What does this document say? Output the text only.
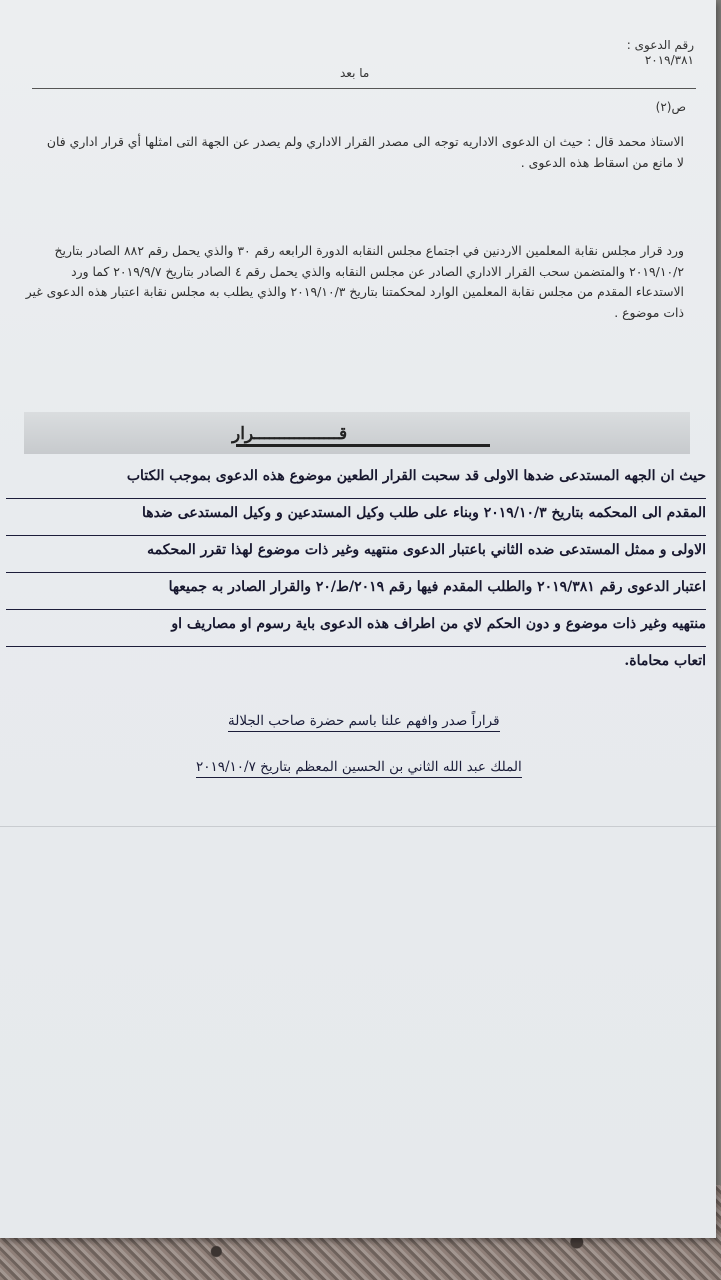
رقم الدعوى :
٢٠١٩/٣٨١
ما بعد
ص(٢)
الاستاذ محمد قال : حيث ان الدعوى الاداريه توجه الى مصدر القرار الاداري ولم يصدر عن الجهة التى امثلها أي قرار اداري فان لا مانع من اسقاط هذه الدعوى .
ورد قرار مجلس نقابة المعلمين الاردنين في اجتماع مجلس النقابه الدورة الرابعه رقم ٣٠ والذي يحمل رقم ٨٨٢ الصادر بتاريخ ٢٠١٩/١٠/٢ والمتضمن سحب القرار الاداري الصادر عن مجلس النقابه والذي يحمل رقم ٤ الصادر بتاريخ ٢٠١٩/٩/٧ كما ورد الاستدعاء المقدم من مجلس نقابة المعلمين الوارد لمحكمتنا بتاريخ ٢٠١٩/١٠/٣ والذي يطلب به مجلس نقابة اعتبار هذه الدعوى غير ذات موضوع .
قـــــــــــــــــرار
حيث ان الجهه المستدعى ضدها الاولى قد سحبت القرار الطعين موضوع هذه الدعوى بموجب الكتاب
المقدم الى المحكمه بتاريخ ٢٠١٩/١٠/٣ وبناء على طلب وكيل المستدعين و وكيل المستدعى ضدها
الاولى و ممثل المستدعى ضده الثاني باعتبار الدعوى منتهيه وغير ذات موضوع لهذا تقرر المحكمه
اعتبار الدعوى رقم ٢٠١٩/٣٨١ والطلب المقدم فيها رقم ٢٠١٩/ط/٢٠ والقرار الصادر به جميعها
منتهيه وغير ذات موضوع و دون الحكم لاي من اطراف هذه الدعوى باية رسوم او مصاريف او
اتعاب محاماة.
قراراً صدر وافهم علنا باسم حضرة صاحب الجلالة
الملك عبد الله الثاني بن الحسين المعظم بتاريخ ٢٠١٩/١٠/٧
